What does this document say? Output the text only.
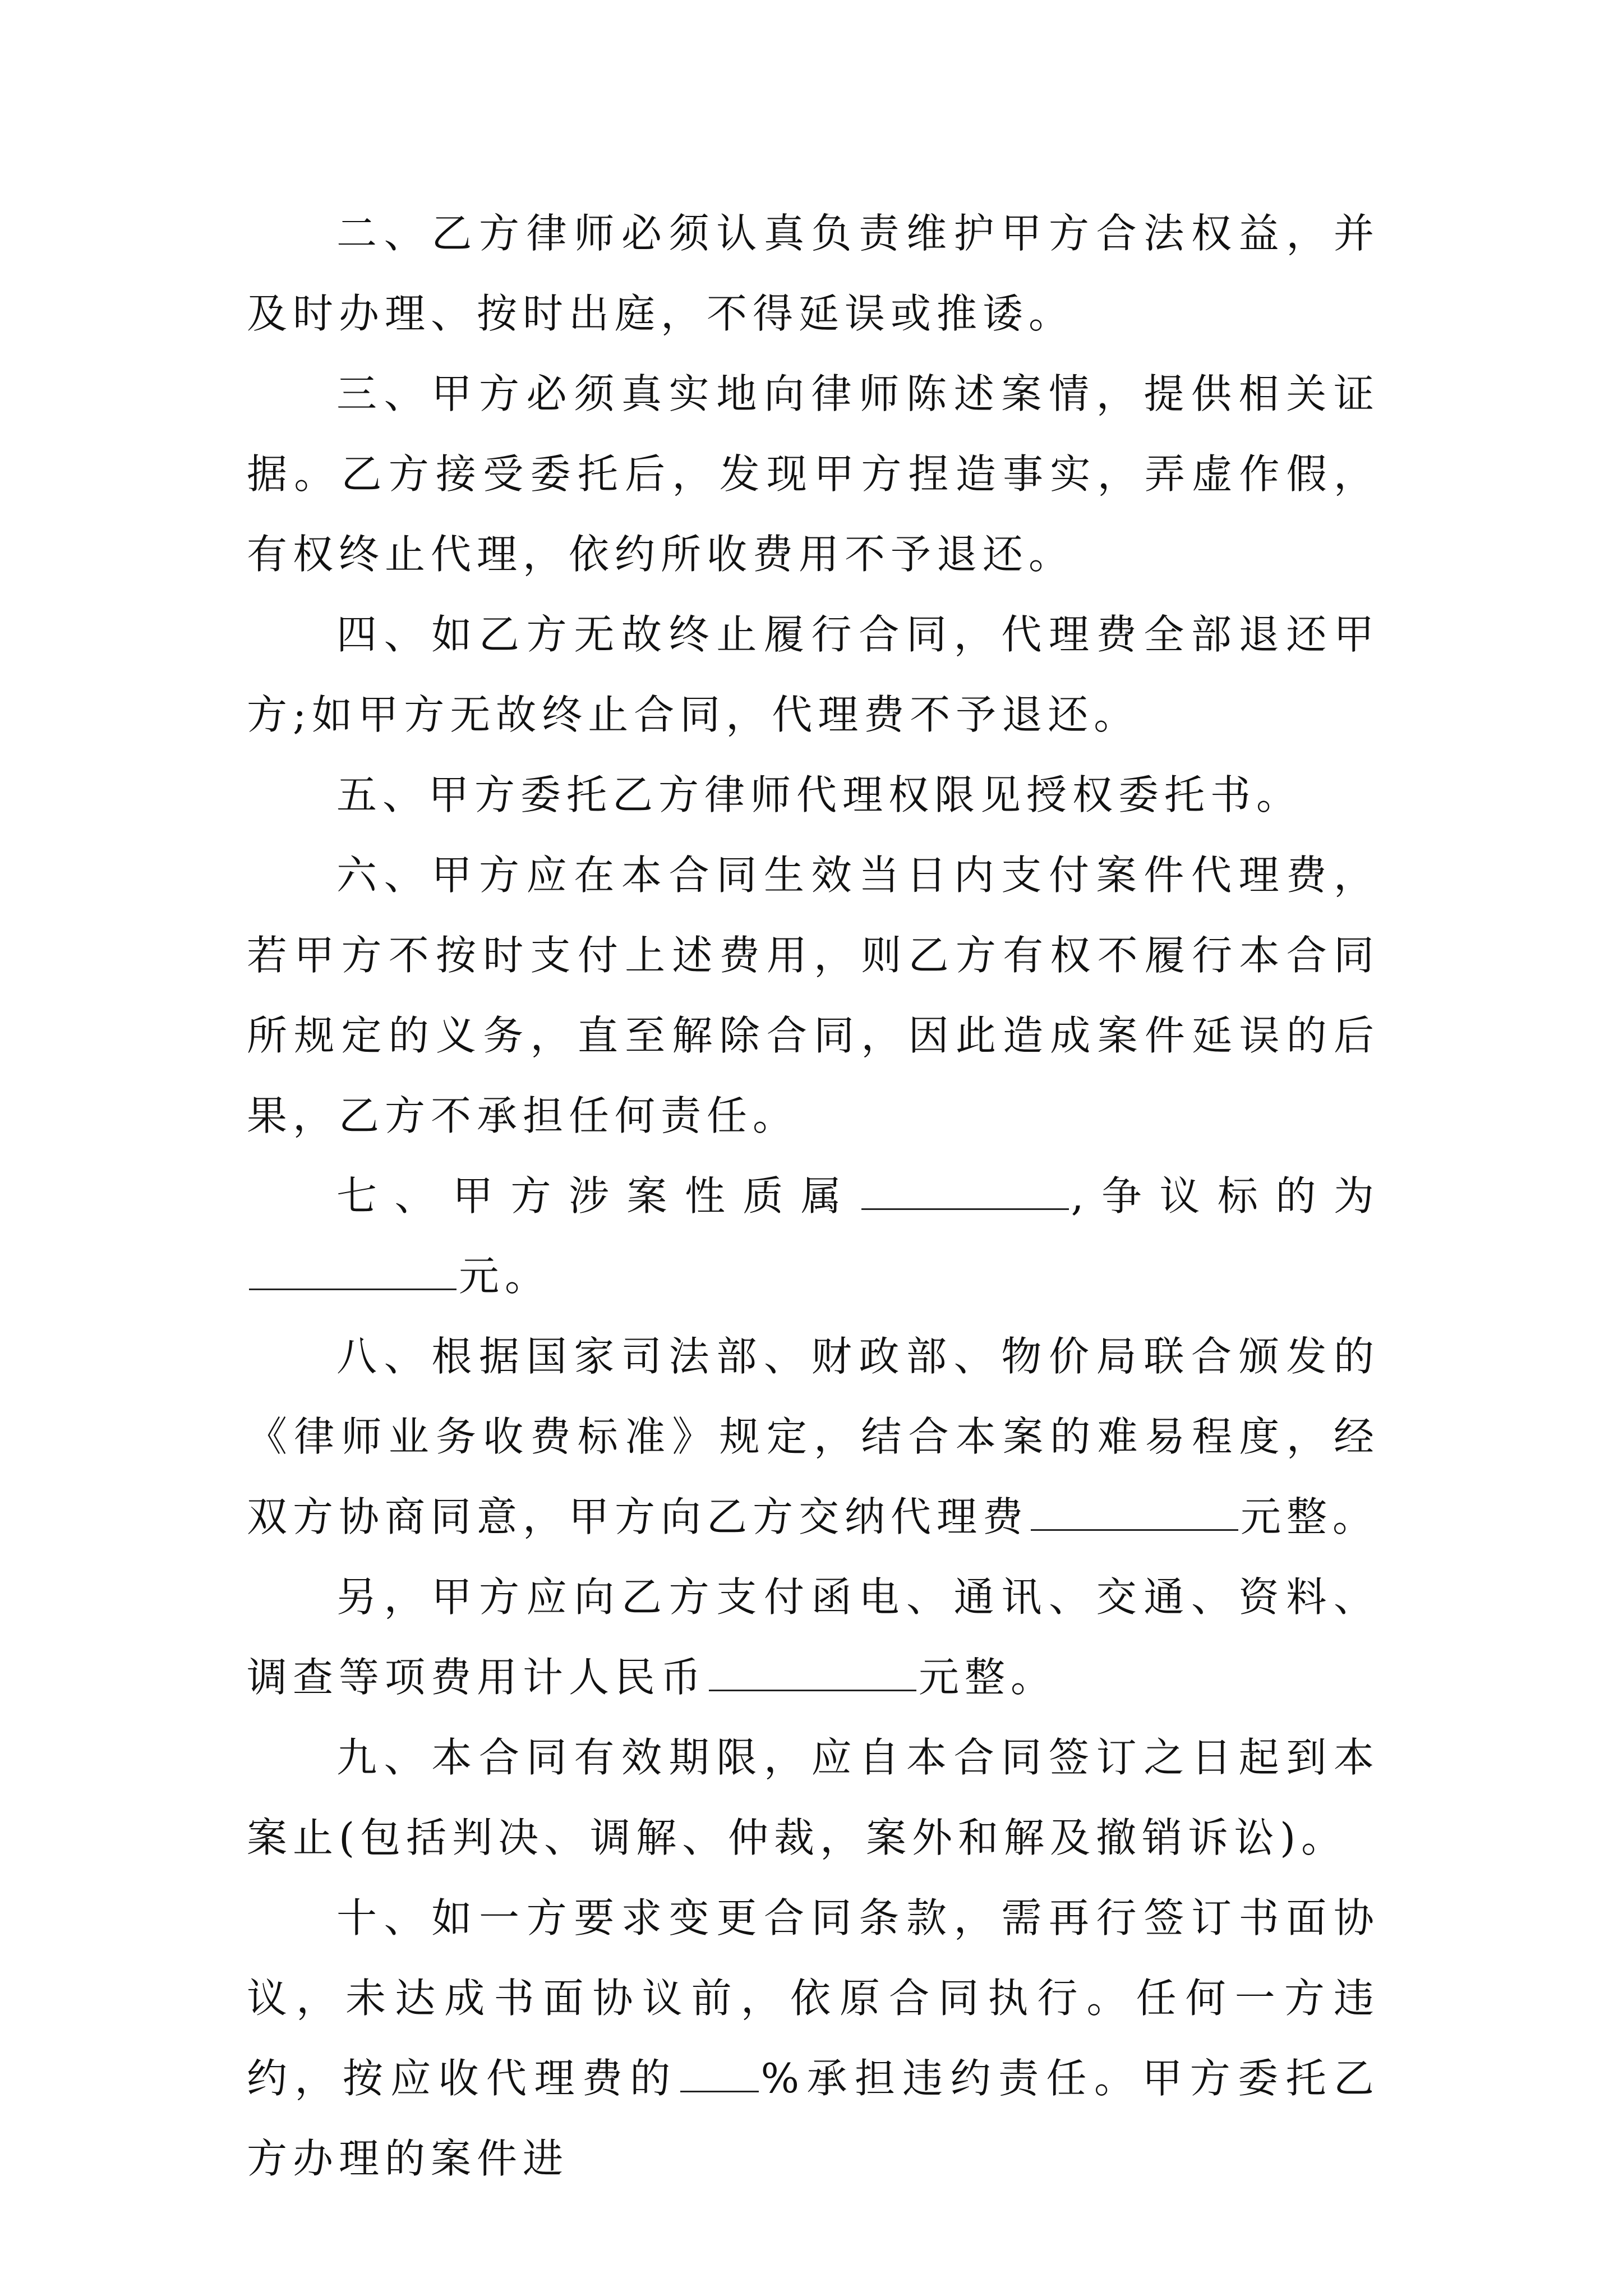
二、乙方律师必须认真负责维护甲方合法权益，并及时办理、按时出庭，不得延误或推诿。

三、甲方必须真实地向律师陈述案情，提供相关证据。乙方接受委托后，发现甲方捏造事实，弄虚作假，有权终止代理，依约所收费用不予退还。

四、如乙方无故终止履行合同，代理费全部退还甲方;如甲方无故终止合同，代理费不予退还。

五、甲方委托乙方律师代理权限见授权委托书。

六、甲方应在本合同生效当日内支付案件代理费，若甲方不按时支付上述费用，则乙方有权不履行本合同所规定的义务，直至解除合同，因此造成案件延误的后果，乙方不承担任何责任。

七、甲方涉案性质属	,争议标的为元。

八、根据国家司法部、财政部、物价局联合颁发的《律师业务收费标准》规定，结合本案的难易程度，经双方协商同意，甲方向乙方交纳代理费	元整。

另，甲方应向乙方支付函电、通讯、交通、资料、调查等项费用计人民币	元整。

九、本合同有效期限，应自本合同签订之日起到本案止(包括判决、调解、仲裁，案外和解及撤销诉讼)。

十、如一方要求变更合同条款，需再行签订书面协议，未达成书面协议前，依原合同执行。任何一方违约，按应收代理费的 %承担违约责任。甲方委托乙方办理的案件进
